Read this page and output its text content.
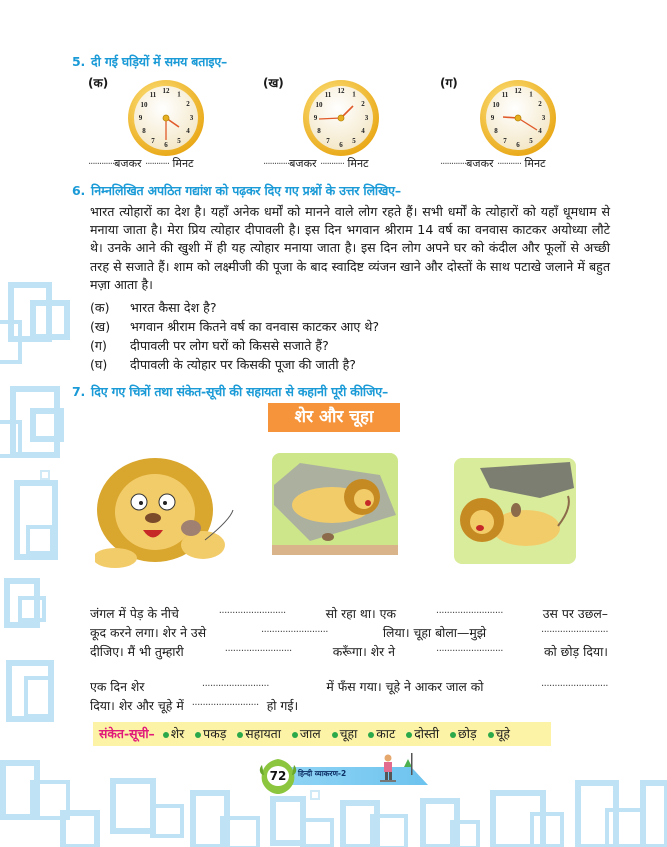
5. दी गई घड़ियों में समय बताइए–
(क)
12 1
2
3
4
5
6
7
8
9
10
11
············बजकर ··········· मिनट
(ख)
12 1
2
3
4
5
6
7
8
9
10
11
············बजकर ··········· मिनट
(ग)
12 1
2
3
4
5
6
7
8
9
10
11
············बजकर ··········· मिनट
6. निम्नलिखित अपठित गद्यांश को पढ़कर दिए गए प्रश्नों के उत्तर लिखिए–

भारत त्योहारों का देश है। यहाँ अनेक धर्मों को मानने वाले लोग रहते हैं। सभी धर्मों के त्योहारों को यहाँ धूमधाम से मनाया जाता है। मेरा प्रिय त्योहार दीपावली है। इस दिन भगवान श्रीराम 14 वर्ष का वनवास काटकर अयोध्या लौटे थे। उनके आने की खुशी में ही यह त्योहार मनाया जाता है। इस दिन लोग अपने घर को कंदील और फूलों से अच्छी तरह से सजाते हैं। शाम को लक्ष्मीजी की पूजा के बाद स्वादिष्ट व्यंजन खाने और दोस्तों के साथ पटाखे जलाने में बहुत मज़ा आता है।

(क) भारत कैसा देश है?
(ख) भगवान श्रीराम कितने वर्ष का वनवास काटकर आए थे?
(ग) दीपावली पर लोग घरों को किससे सजाते हैं?
(घ) दीपावली के त्योहार पर किसकी पूजा की जाती है?
7. दिए गए चित्रों तथा संकेत-सूची की सहायता से कहानी पूरी कीजिए–
शेर और चूहा
जंगल में पेड़ के नीचे	·························	सो रहा था। एक	·························	उस पर उछल–
कूद करने लगा। शेर ने उसे	·························	लिया। चूहा बोला—मुझे	·························
दीजिए। मैं भी तुम्हारी	·························	करूँगा। शेर ने	·························	को छोड़ दिया।
एक दिन शेर	·························	में फँस गया। चूहे ने आकर जाल को	·························
दिया। शेर और चूहे में ························· हो गई।
संकेत-सूची– शेर पकड़ सहायता जाल चूहा काट दोस्ती छोड़ चूहे
72	हिन्दी व्याकरण-2
